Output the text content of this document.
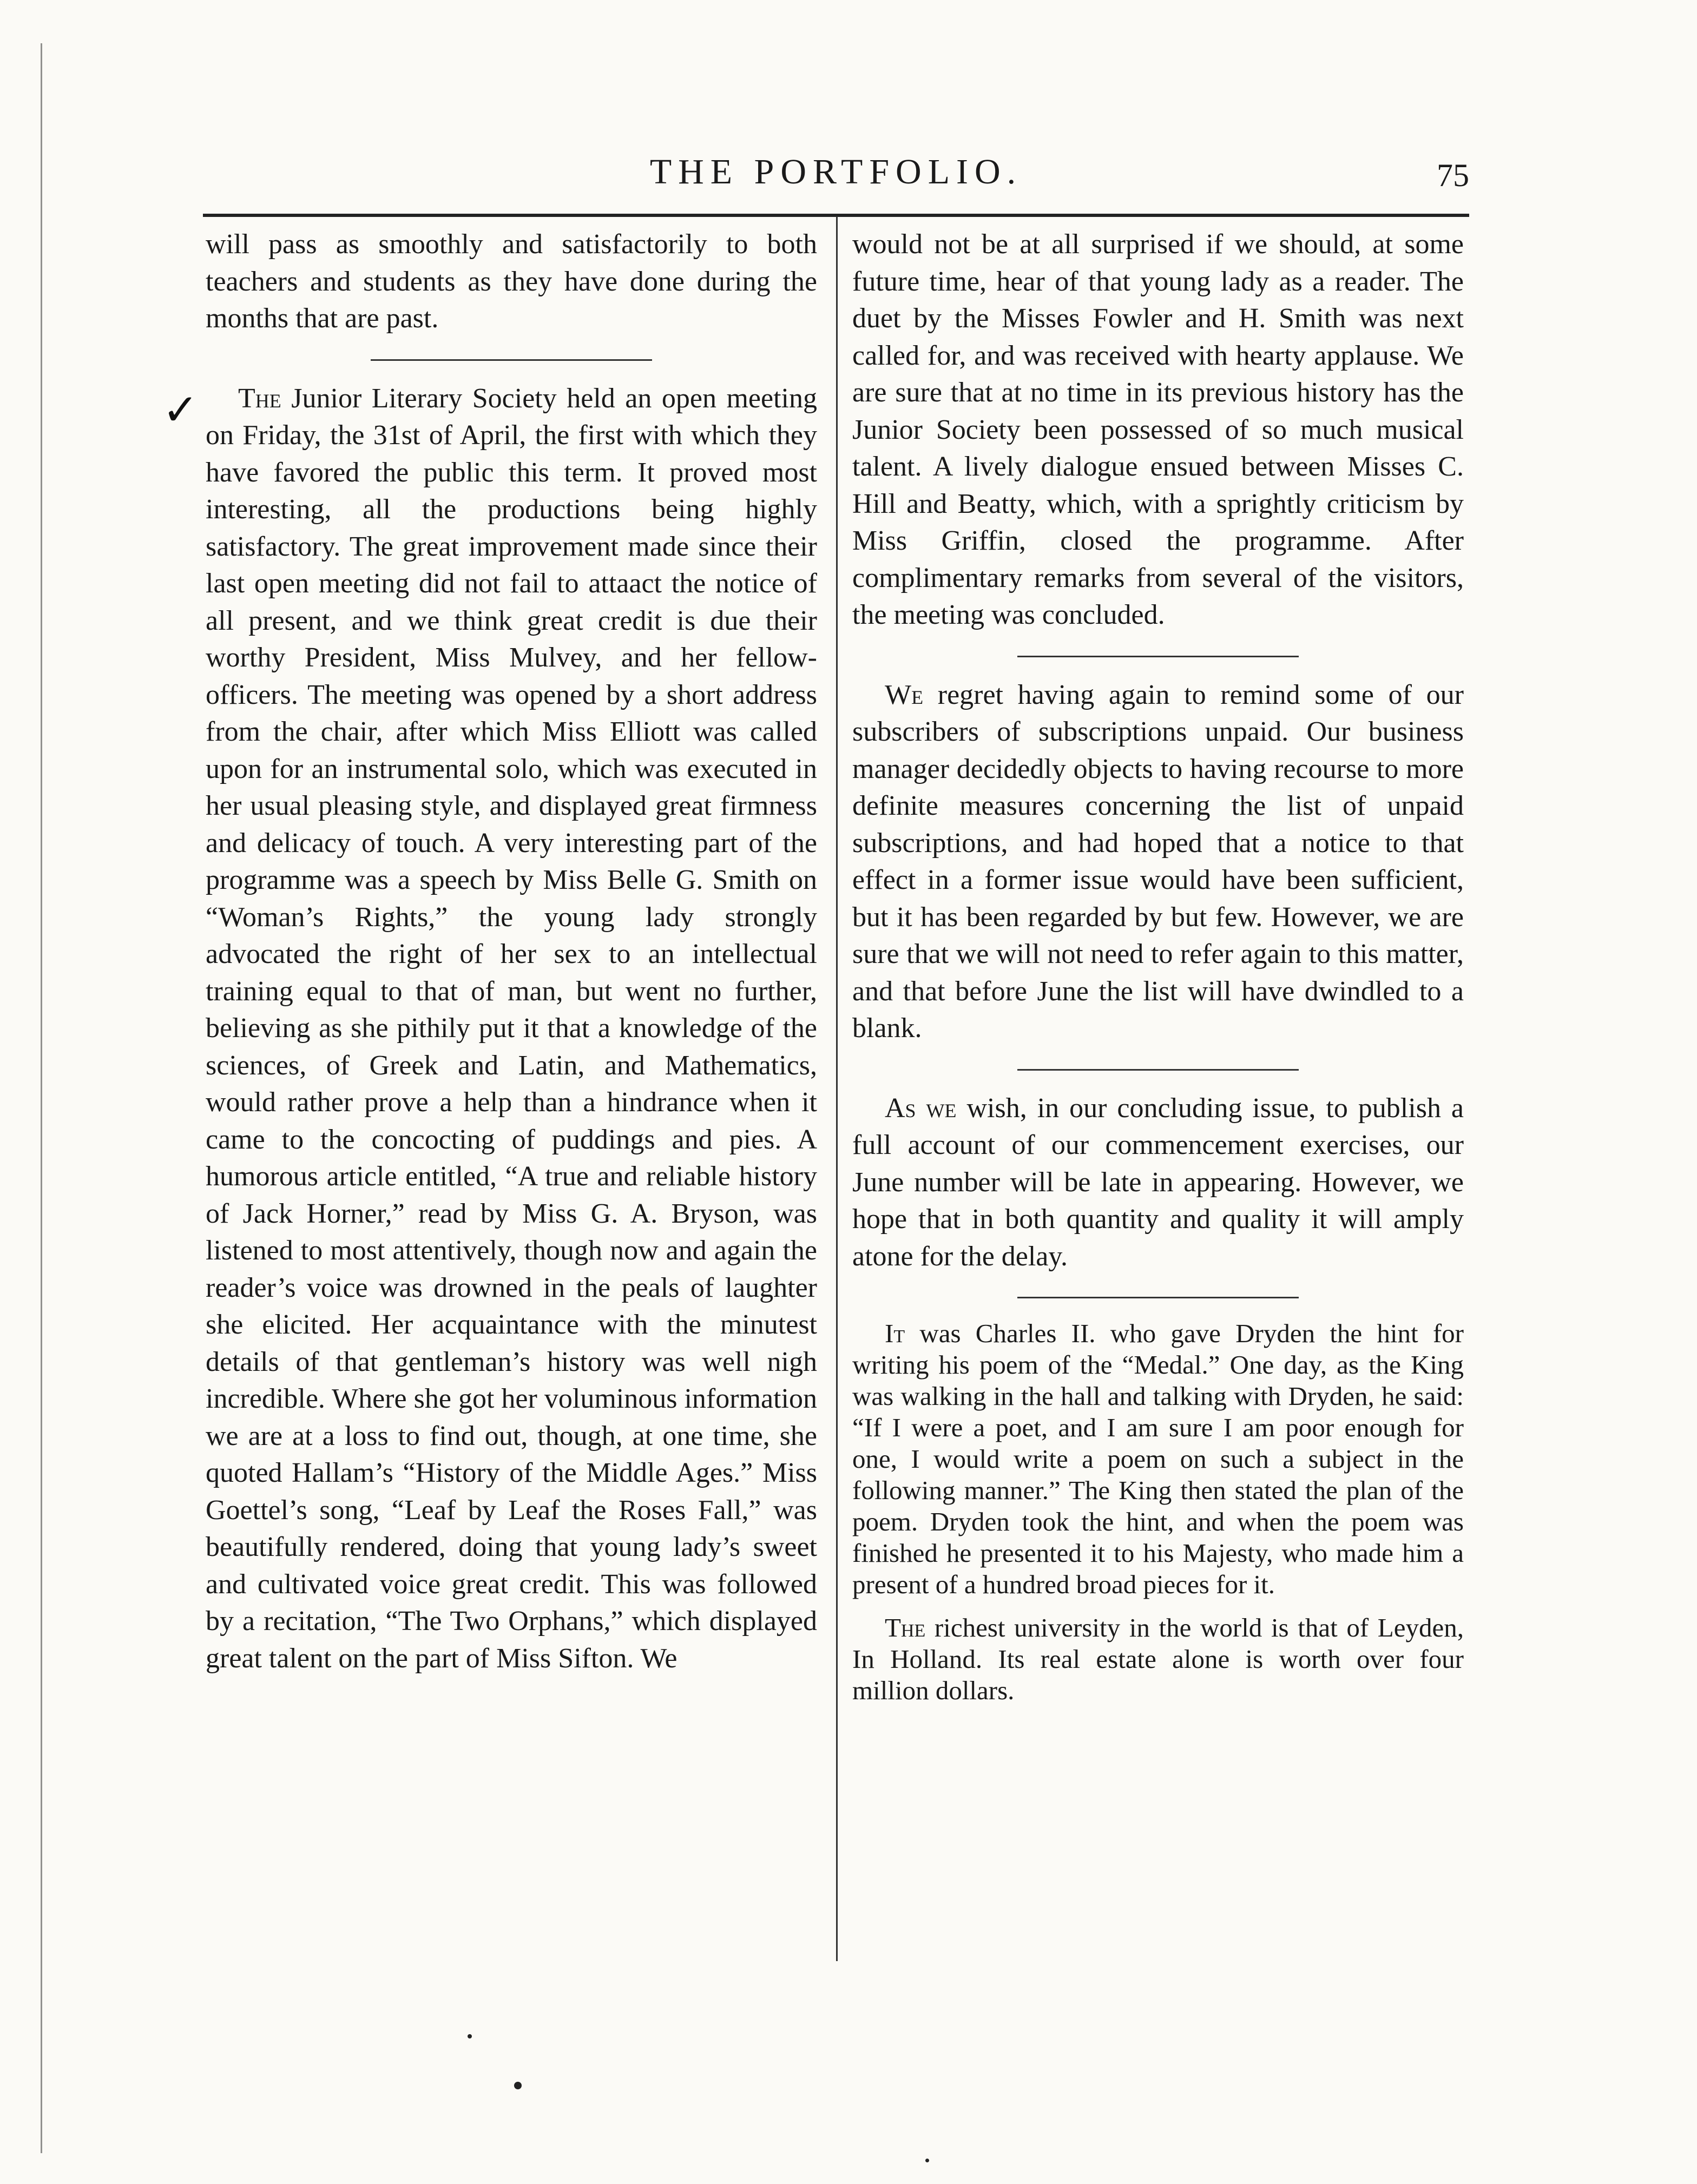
THE PORTFOLIO.	75
✓

will pass as smoothly and satisfactorily to both teachers and students as they have done during the months that are past.

The Junior Literary Society held an open meeting on Friday, the 31st of April, the first with which they have favored the public this term. It proved most interesting, all the productions being highly satisfactory. The great improvement made since their last open meeting did not fail to attaact the notice of all present, and we think great credit is due their worthy President, Miss Mulvey, and her fellow-officers. The meeting was opened by a short address from the chair, after which Miss Elliott was called upon for an instrumental solo, which was executed in her usual pleasing style, and displayed great firmness and delicacy of touch. A very interesting part of the programme was a speech by Miss Belle G. Smith on “Woman’s Rights,” the young lady strongly advocated the right of her sex to an intellectual training equal to that of man, but went no further, believing as she pithily put it that a knowledge of the sciences, of Greek and Latin, and Mathematics, would rather prove a help than a hindrance when it came to the concocting of puddings and pies. A humorous article entitled, “A true and reliable history of Jack Horner,” read by Miss G. A. Bryson, was listened to most attentively, though now and again the reader’s voice was drowned in the peals of laughter she elicited. Her acquaintance with the minutest details of that gentleman’s history was well nigh incredible. Where she got her voluminous information we are at a loss to find out, though, at one time, she quoted Hallam’s “History of the Middle Ages.” Miss Goettel’s song, “Leaf by Leaf the Roses Fall,” was beautifully rendered, doing that young lady’s sweet and cultivated voice great credit. This was followed by a recitation, “The Two Orphans,” which displayed great talent on the part of Miss Sifton. We

would not be at all surprised if we should, at some future time, hear of that young lady as a reader. The duet by the Misses Fowler and H. Smith was next called for, and was received with hearty applause. We are sure that at no time in its previous history has the Junior Society been possessed of so much musical talent. A lively dialogue ensued between Misses C. Hill and Beatty, which, with a sprightly criticism by Miss Griffin, closed the programme. After complimentary remarks from several of the visitors, the meeting was concluded.

We regret having again to remind some of our subscribers of subscriptions unpaid. Our business manager decidedly objects to having recourse to more definite measures concerning the list of unpaid subscriptions, and had hoped that a notice to that effect in a former issue would have been sufficient, but it has been regarded by but few. However, we are sure that we will not need to refer again to this matter, and that before June the list will have dwindled to a blank.

As we wish, in our concluding issue, to publish a full account of our commencement exercises, our June number will be late in appearing. However, we hope that in both quantity and quality it will amply atone for the delay.

It was Charles II. who gave Dryden the hint for writing his poem of the “Medal.” One day, as the King was walking in the hall and talking with Dryden, he said: “If I were a poet, and I am sure I am poor enough for one, I would write a poem on such a subject in the following manner.” The King then stated the plan of the poem. Dryden took the hint, and when the poem was finished he presented it to his Majesty, who made him a present of a hundred broad pieces for it.

The richest university in the world is that of Leyden, In Holland. Its real estate alone is worth over four million dollars.
